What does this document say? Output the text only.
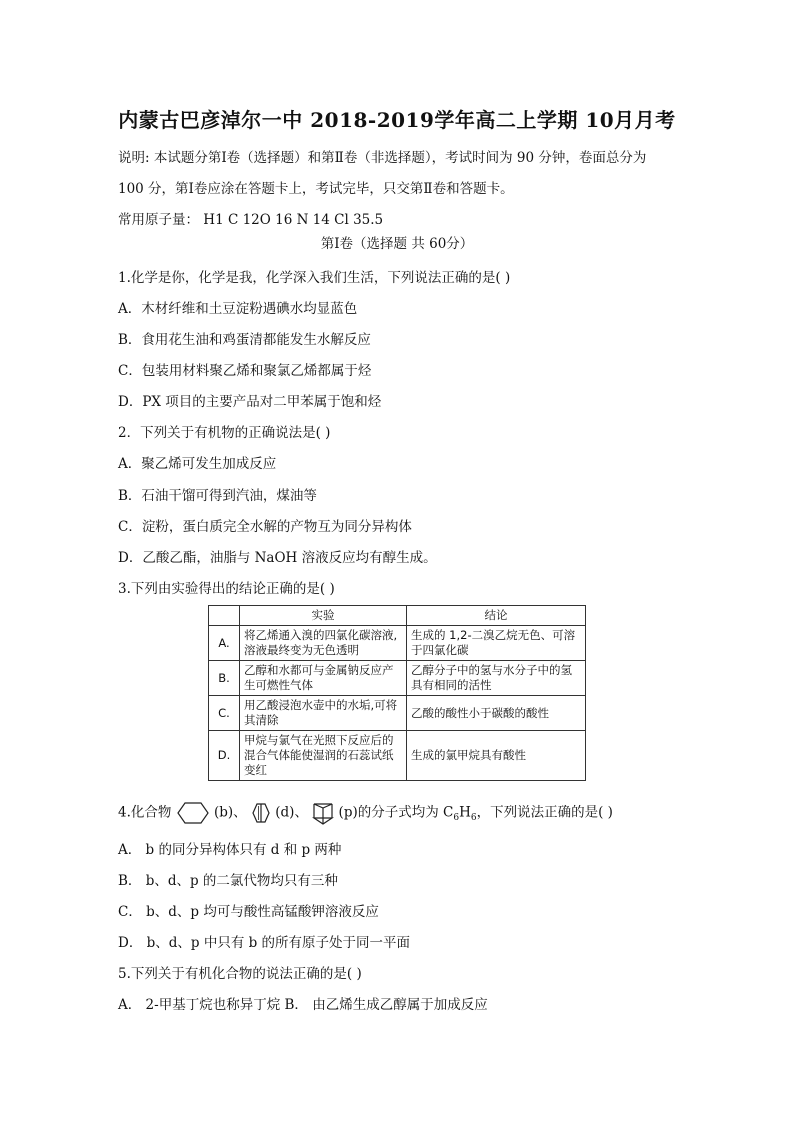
内蒙古巴彦淖尔一中 2018-2019学年高二上学期 10月月考
说明: 本试题分第Ⅰ卷（选择题）和第Ⅱ卷（非选择题），考试时间为 90 分钟，卷面总分为
100 分，第Ⅰ卷应涂在答题卡上，考试完毕，只交第Ⅱ卷和答题卡。
常用原子量： H1 C 12O 16 N 14 Cl 35.5
第Ⅰ卷（选择题 共 60分）
1.化学是你，化学是我，化学深入我们生活，下列说法正确的是( )
A．木材纤维和土豆淀粉遇碘水均显蓝色
B．食用花生油和鸡蛋清都能发生水解反应
C．包装用材料聚乙烯和聚氯乙烯都属于烃
D．PX 项目的主要产品对二甲苯属于饱和烃
2．下列关于有机物的正确说法是( )
A．聚乙烯可发生加成反应
B．石油干馏可得到汽油，煤油等
C．淀粉，蛋白质完全水解的产物互为同分异构体
D．乙酸乙酯，油脂与 NaOH 溶液反应均有醇生成。
3.下列由实验得出的结论正确的是( )
	实验	结论
A.	将乙烯通入溴的四氯化碳溶液,溶液最终变为无色透明	生成的 1,2-二溴乙烷无色、可溶于四氯化碳
B.	乙醇和水都可与金属钠反应产生可燃性气体	乙醇分子中的氢与水分子中的氢具有相同的活性
C.	用乙酸浸泡水壶中的水垢,可将其清除	乙酸的酸性小于碳酸的酸性
D.	甲烷与氯气在光照下反应后的混合气体能使湿润的石蕊试纸变红	生成的氯甲烷具有酸性
4.化合物	(b)、 (d)、 (p)的分子式均为 $C_6H_6$，下列说法正确的是( )
A． b 的同分异构体只有 d 和 p 两种
B． b、d、p 的二氯代物均只有三种
C． b、d、p 均可与酸性高锰酸钾溶液反应
D． b、d、p 中只有 b 的所有原子处于同一平面
5.下列关于有机化合物的说法正确的是( )
A． 2-甲基丁烷也称异丁烷 B． 由乙烯生成乙醇属于加成反应
